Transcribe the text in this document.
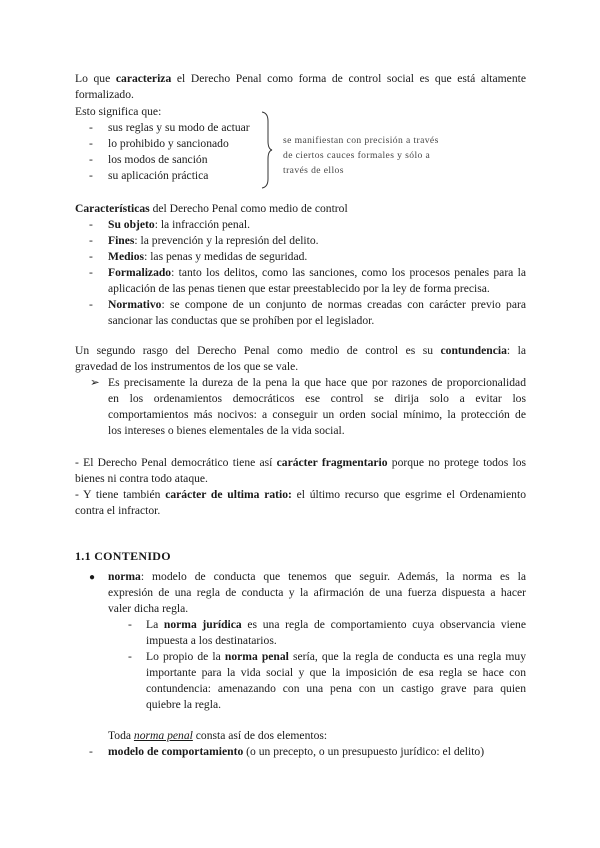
Lo que caracteriza el Derecho Penal como forma de control social es que está altamente
formalizado.
Esto significa que:
- sus reglas y su modo de actuar
- lo prohibido y sancionado
- los modos de sanción
- su aplicación práctica
se manifiestan con precisión a través
de ciertos cauces formales y sólo a
través de ellos
Características del Derecho Penal como medio de control
- Su objeto: la infracción penal.
- Fines: la prevención y la represión del delito.
- Medios: las penas y medidas de seguridad.
- Formalizado: tanto los delitos, como las sanciones, como los procesos penales para la
aplicación de las penas tienen que estar preestablecido por la ley de forma precisa.
- Normativo: se compone de un conjunto de normas creadas con carácter previo para
sancionar las conductas que se prohíben por el legislador.
Un segundo rasgo del Derecho Penal como medio de control es su contundencia: la
gravedad de los instrumentos de los que se vale.
➢ Es precisamente la dureza de la pena la que hace que por razones de proporcionalidad
en los ordenamientos democráticos ese control se dirija solo a evitar los
comportamientos más nocivos: a conseguir un orden social mínimo, la protección de
los intereses o bienes elementales de la vida social.
- El Derecho Penal democrático tiene así carácter fragmentario porque no protege todos los
bienes ni contra todo ataque.
- Y tiene también carácter de ultima ratio: el último recurso que esgrime el Ordenamiento
contra el infractor.
1.1 CONTENIDO
● norma: modelo de conducta que tenemos que seguir. Además, la norma es la
expresión de una regla de conducta y la afirmación de una fuerza dispuesta a hacer
valer dicha regla.
- La norma jurídica es una regla de comportamiento cuya observancia viene
impuesta a los destinatarios.
- Lo propio de la norma penal sería, que la regla de conducta es una regla muy
importante para la vida social y que la imposición de esa regla se hace con
contundencia: amenazando con una pena con un castigo grave para quien
quiebre la regla.
Toda norma penal consta así de dos elementos:
- modelo de comportamiento (o un precepto, o un presupuesto jurídico: el delito)
